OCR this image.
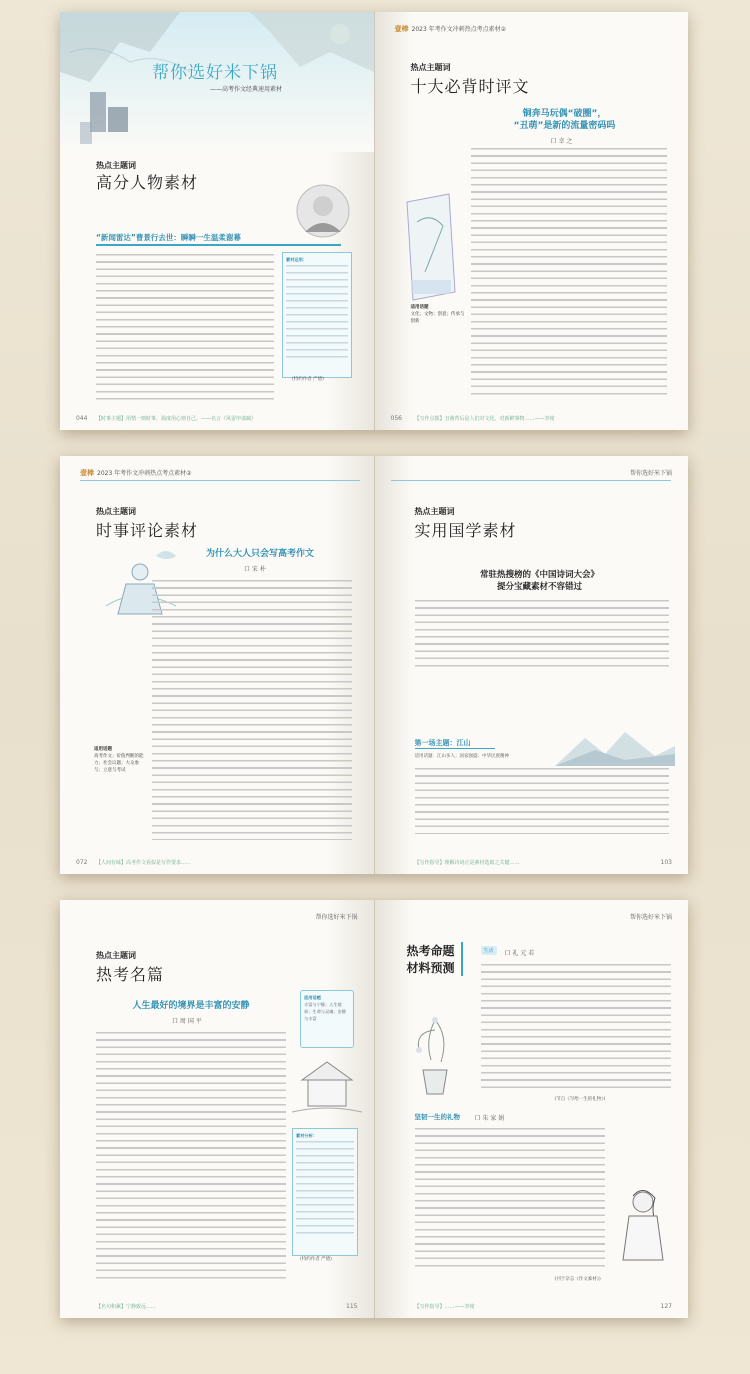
帮你选好米下锅
——高考作文经典速用素材
热点主题词
高分人物素材
“新闻雷达”曹景行去世：瞬瞬一生温柔谢幕
素材运用：
(特约作者 严德)
044 【时事主题】用情一则时事，温度用心则自己。——名言《风雷申请疏》
壹棒 2023 年考作文冲刺热点考点素材②
热点主题词
十大必背时评文
铜奔马玩偶“破圈”，
“丑萌”是新的流量密码吗
口 幸 之
适用话题
文化；文物；创意；传承与创新
056	【写作点拨】丑萌背后是人们对文化、对新鲜事物……——李铭
壹棒 2023 年考作文冲刺热点考点素材②
热点主题词
时事评论素材
为什么大人只会写高考作文
口 宋 朴
适用话题
高考作文；价值判断的能力；社会议题；大众参与；立意与考试
072 【人间有味】高考作文看似是写作要求……
帮你选好米下锅
热点主题词
实用国学素材
常驻热搜榜的《中国诗词大会》
提分宝藏素材不容错过
第一场主题：江山
适用话题：江山多人；国家强盛；中华民族精神
103
【写作指导】理解诗词正是素材选取之关键……
帮你选好米下锅
热点主题词
热考名篇
人生最好的境界是丰富的安静
口 周 国 平
适用话题
丰富与宁静；人生境界；生命与灵魂；安静与丰富
素材分析：
(特约作者 严德)
115
【名句积累】宁静致远……
帮你选好米下锅
热考命题
材料预测
生活	口 礼 元 若
(节自《写给一生的礼物》)
坚韧一生的礼物 口 朱 家 娟
(刊于杂志《作文素材》)
127
【写作指导】……——李铭
